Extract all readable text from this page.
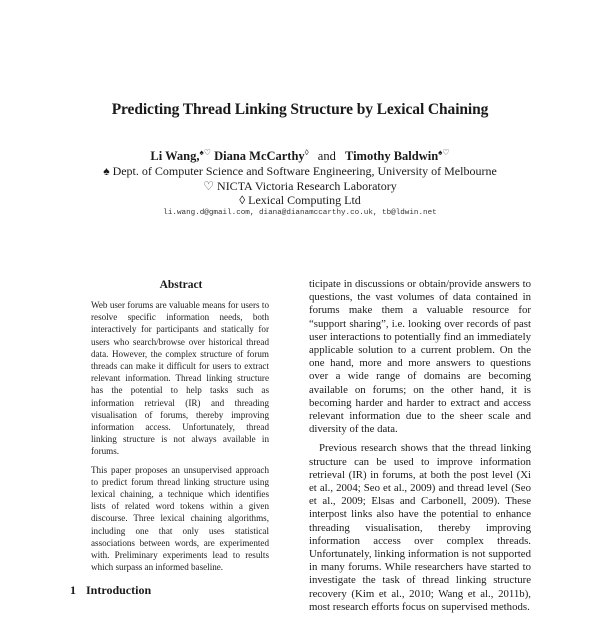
Predicting Thread Linking Structure by Lexical Chaining
Li Wang,♠♡ Diana McCarthy◊ and Timothy Baldwin♠♡
♠ Dept. of Computer Science and Software Engineering, University of Melbourne
♡ NICTA Victoria Research Laboratory
◊ Lexical Computing Ltd
li.wang.d@gmail.com, diana@dianamccarthy.co.uk, tb@ldwin.net
Abstract

Web user forums are valuable means for users to resolve specific information needs, both interactively for participants and statically for users who search/browse over historical thread data. However, the complex structure of forum threads can make it difficult for users to extract relevant information. Thread linking structure has the potential to help tasks such as information retrieval (IR) and threading visualisation of forums, thereby improving information access. Unfortunately, thread linking structure is not always available in forums.

This paper proposes an unsupervised approach to predict forum thread linking structure using lexical chaining, a technique which identifies lists of related word tokens within a given discourse. Three lexical chaining algorithms, including one that only uses statistical associations between words, are experimented with. Preliminary experiments lead to results which surpass an informed baseline.

1 Introduction

ticipate in discussions or obtain/provide answers to questions, the vast volumes of data contained in forums make them a valuable resource for “support sharing”, i.e. looking over records of past user interactions to potentially find an immediately applicable solution to a current problem. On the one hand, more and more answers to questions over a wide range of domains are becoming available on forums; on the other hand, it is becoming harder and harder to extract and access relevant information due to the sheer scale and diversity of the data.

Previous research shows that the thread linking structure can be used to improve information retrieval (IR) in forums, at both the post level (Xi et al., 2004; Seo et al., 2009) and thread level (Seo et al., 2009; Elsas and Carbonell, 2009). These interpost links also have the potential to enhance threading visualisation, thereby improving information access over complex threads. Unfortunately, linking information is not supported in many forums. While researchers have started to investigate the task of thread linking structure recovery (Kim et al., 2010; Wang et al., 2011b), most research efforts focus on supervised methods.
